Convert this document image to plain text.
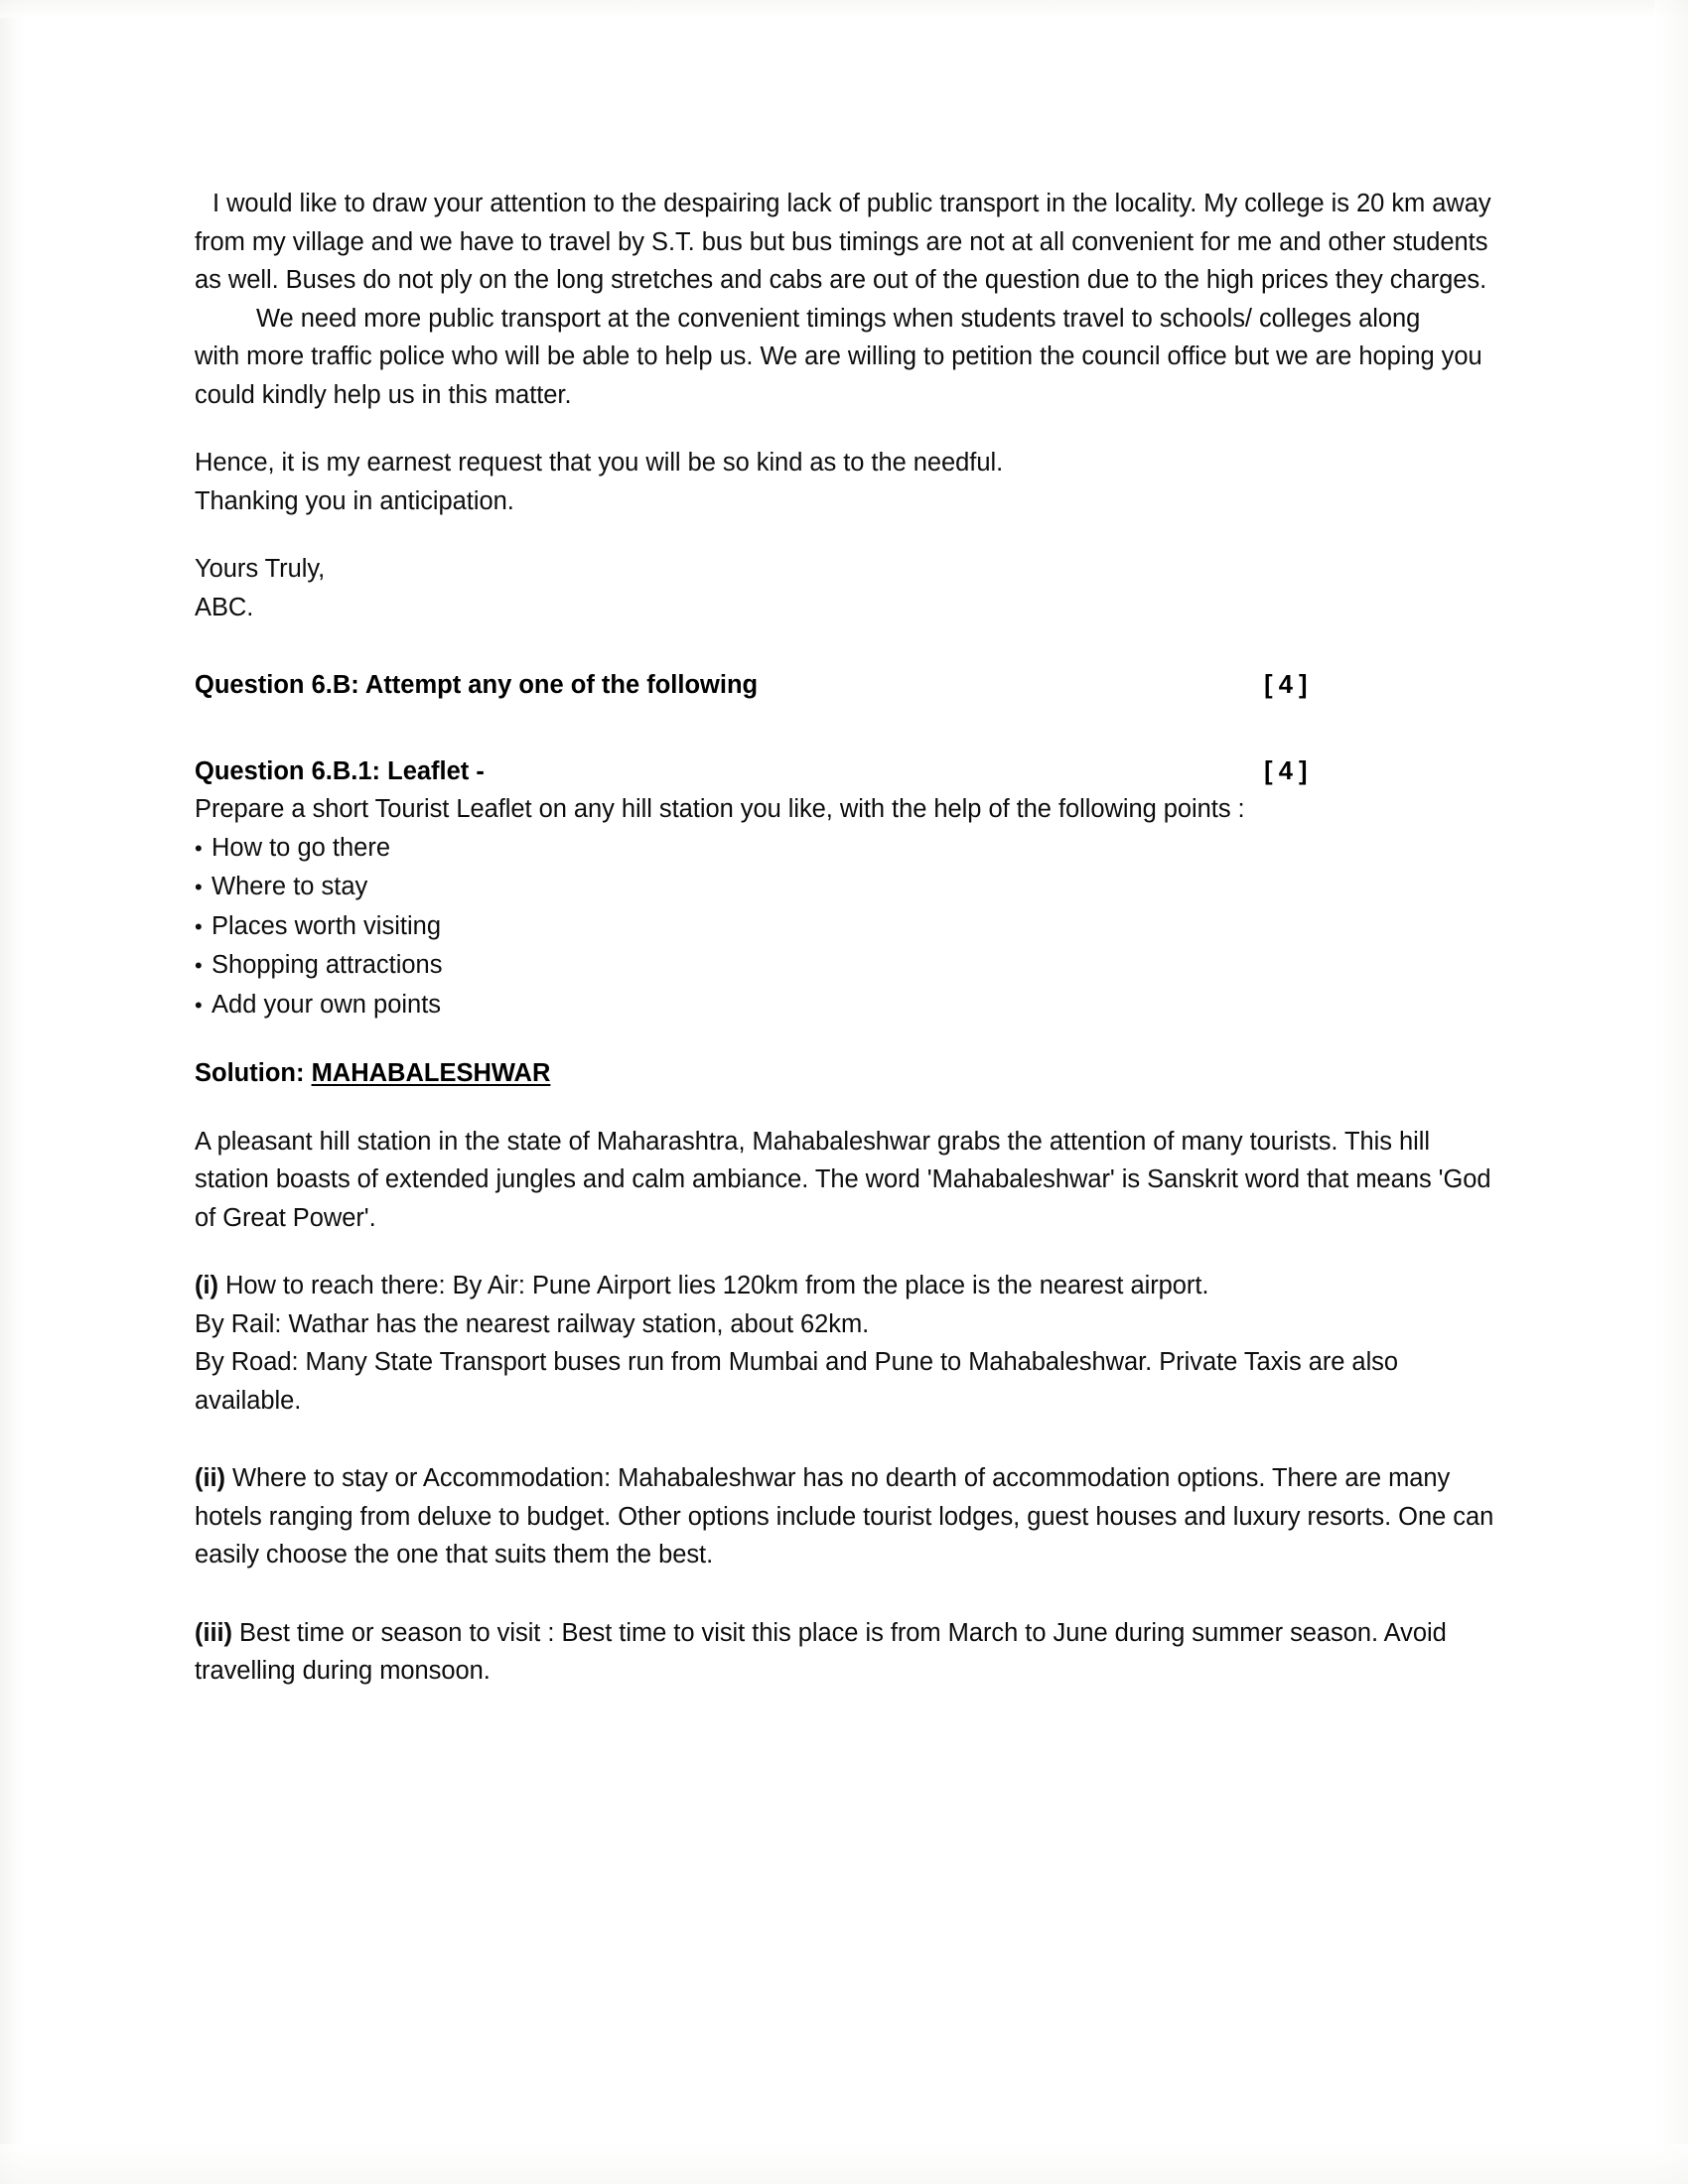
I would like to draw your attention to the despairing lack of public transport in the locality. My college is 20 km away from my village and we have to travel by S.T. bus but bus timings are not at all convenient for me and other students as well. Buses do not ply on the long stretches and cabs are out of the question due to the high prices they charges.

We need more public transport at the convenient timings when students travel to schools/ colleges along

with more traffic police who will be able to help us. We are willing to petition the council office but we are hoping you could kindly help us in this matter.

Hence, it is my earnest request that you will be so kind as to the needful.

Thanking you in anticipation.

Yours Truly,

ABC.

Question 6.B: Attempt any one of the following	[ 4 ]
Question 6.B.1: Leaflet -	[ 4 ]

Prepare a short Tourist Leaflet on any hill station you like, with the help of the following points :

• How to go there
• Where to stay
• Places worth visiting
• Shopping attractions
• Add your own points
Solution: MAHABALESHWAR

A pleasant hill station in the state of Maharashtra, Mahabaleshwar grabs the attention of many tourists. This hill station boasts of extended jungles and calm ambiance. The word 'Mahabaleshwar' is Sanskrit word that means 'God of Great Power'.

(i) How to reach there: By Air: Pune Airport lies 120km from the place is the nearest airport.

By Rail: Wathar has the nearest railway station, about 62km.

By Road: Many State Transport buses run from Mumbai and Pune to Mahabaleshwar. Private Taxis are also available.

(ii) Where to stay or Accommodation: Mahabaleshwar has no dearth of accommodation options. There are many hotels ranging from deluxe to budget. Other options include tourist lodges, guest houses and luxury resorts. One can easily choose the one that suits them the best.

(iii) Best time or season to visit : Best time to visit this place is from March to June during summer season. Avoid travelling during monsoon.
